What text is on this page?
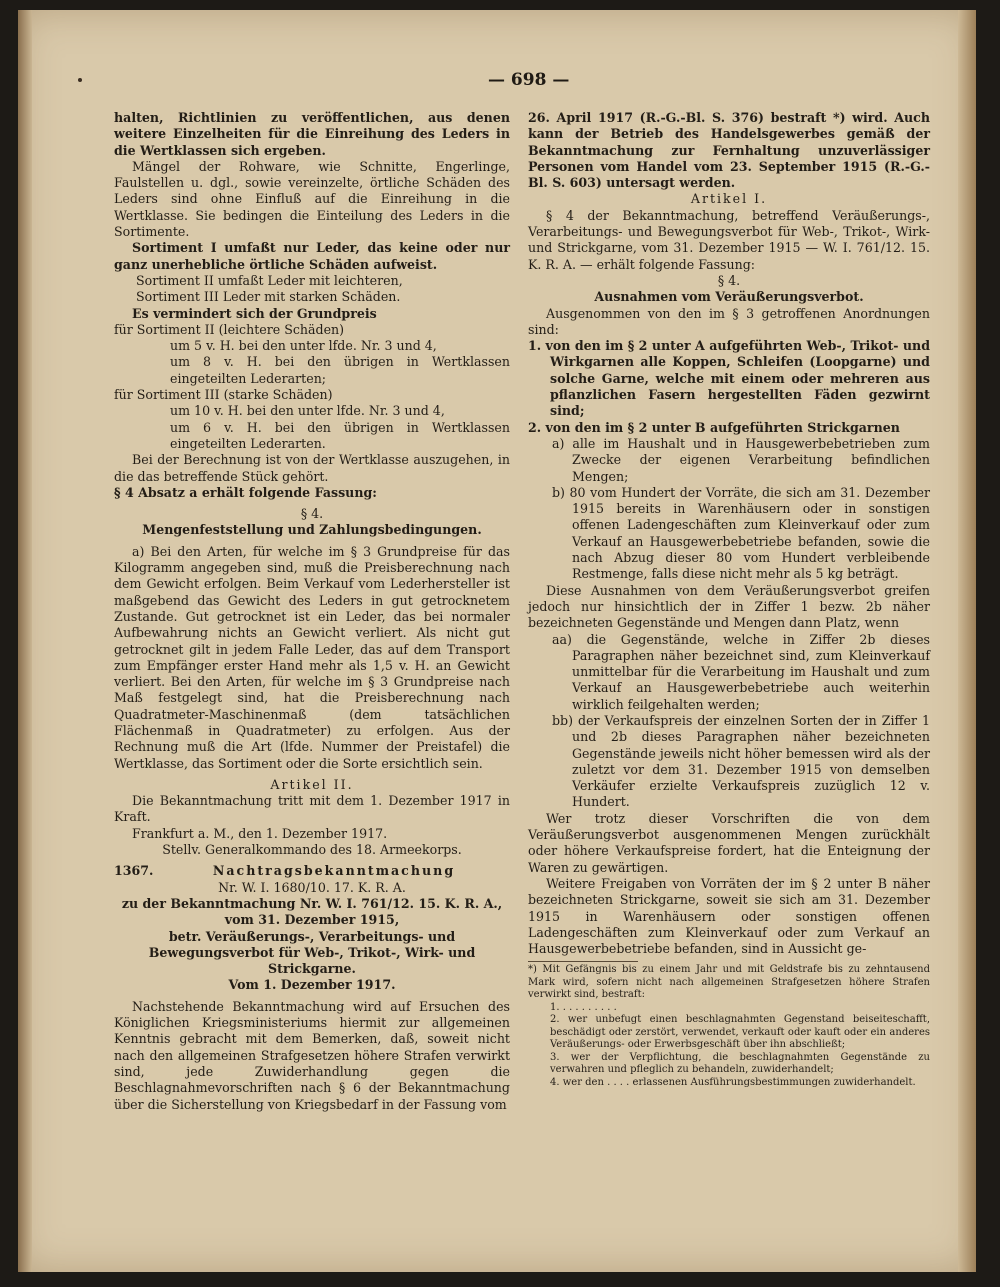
— 698 —

halten, Richtlinien zu veröffentlichen, aus denen weitere Einzelheiten für die Einreihung des Leders in die Wertklassen sich ergeben.

Mängel der Rohware, wie Schnitte, Engerlinge, Faulstellen u. dgl., sowie vereinzelte, örtliche Schäden des Leders sind ohne Einfluß auf die Einreihung in die Wertklasse. Sie bedingen die Einteilung des Leders in die Sortimente.

Sortiment I umfaßt nur Leder, das keine oder nur ganz unerhebliche örtliche Schäden aufweist.

Sortiment II umfaßt Leder mit leichteren,

Sortiment III Leder mit starken Schäden.

Es vermindert sich der Grundpreis

für Sortiment II (leichtere Schäden)

um 5 v. H. bei den unter lfde. Nr. 3 und 4,

um 8 v. H. bei den übrigen in Wertklassen eingeteilten Lederarten;

für Sortiment III (starke Schäden)

um 10 v. H. bei den unter lfde. Nr. 3 und 4,

um 6 v. H. bei den übrigen in Wertklassen eingeteilten Lederarten.

Bei der Berechnung ist von der Wertklasse auszugehen, in die das betreffende Stück gehört.

§ 4 Absatz a erhält folgende Fassung:

§ 4.

Mengenfeststellung und Zahlungsbedingungen.

a) Bei den Arten, für welche im § 3 Grundpreise für das Kilogramm angegeben sind, muß die Preisberechnung nach dem Gewicht erfolgen. Beim Verkauf vom Lederhersteller ist maßgebend das Gewicht des Leders in gut getrocknetem Zustande. Gut getrocknet ist ein Leder, das bei normaler Aufbewahrung nichts an Gewicht verliert. Als nicht gut getrocknet gilt in jedem Falle Leder, das auf dem Transport zum Empfänger erster Hand mehr als 1,5 v. H. an Gewicht verliert. Bei den Arten, für welche im § 3 Grundpreise nach Maß festgelegt sind, hat die Preisberechnung nach Quadratmeter-Maschinenmaß (dem tatsächlichen Flächenmaß in Quadratmeter) zu erfolgen. Aus der Rechnung muß die Art (lfde. Nummer der Preistafel) die Wertklasse, das Sortiment oder die Sorte ersichtlich sein.

Artikel II.

Die Bekanntmachung tritt mit dem 1. Dezember 1917 in Kraft.

Frankfurt a. M., den 1. Dezember 1917.

Stellv. Generalkommando des 18. Armeekorps.

1367.	Nachtragsbekanntmachung

Nr. W. I. 1680/10. 17. K. R. A.

zu der Bekanntmachung Nr. W. I. 761/12. 15. K. R. A., vom 31. Dezember 1915,

betr. Veräußerungs-, Verarbeitungs- und Bewegungsverbot für Web-, Trikot-, Wirk- und Strickgarne.

Vom 1. Dezember 1917.

Nachstehende Bekanntmachung wird auf Ersuchen des Königlichen Kriegsministeriums hiermit zur allgemeinen Kenntnis gebracht mit dem Bemerken, daß, soweit nicht nach den allgemeinen Strafgesetzen höhere Strafen verwirkt sind, jede Zuwiderhandlung gegen die Beschlagnahmevorschriften nach § 6 der Bekanntmachung über die Sicherstellung von Kriegsbedarf in der Fassung vom

26. April 1917 (R.-G.-Bl. S. 376) bestraft *) wird. Auch kann der Betrieb des Handelsgewerbes gemäß der Bekanntmachung zur Fernhaltung unzuverlässiger Personen vom Handel vom 23. September 1915 (R.-G.-Bl. S. 603) untersagt werden.

Artikel I.

§ 4 der Bekanntmachung, betreffend Veräußerungs-, Verarbeitungs- und Bewegungsverbot für Web-, Trikot-, Wirk- und Strickgarne, vom 31. Dezember 1915 — W. I. 761/12. 15. K. R. A. — erhält folgende Fassung:

§ 4.

Ausnahmen vom Veräußerungsverbot.

Ausgenommen von den im § 3 getroffenen Anordnungen sind:

1. von den im § 2 unter A aufgeführten Web-, Trikot- und Wirkgarnen alle Koppen, Schleifen (Loopgarne) und solche Garne, welche mit einem oder mehreren aus pflanzlichen Fasern hergestellten Fäden gezwirnt sind;

2. von den im § 2 unter B aufgeführten Strickgarnen

a) alle im Haushalt und in Hausgewerbebetrieben zum Zwecke der eigenen Verarbeitung befindlichen Mengen;

b) 80 vom Hundert der Vorräte, die sich am 31. Dezember 1915 bereits in Warenhäusern oder in sonstigen offenen Ladengeschäften zum Kleinverkauf oder zum Verkauf an Hausgewerbebetriebe befanden, sowie die nach Abzug dieser 80 vom Hundert verbleibende Restmenge, falls diese nicht mehr als 5 kg beträgt.

Diese Ausnahmen von dem Veräußerungsverbot greifen jedoch nur hinsichtlich der in Ziffer 1 bezw. 2b näher bezeichneten Gegenstände und Mengen dann Platz, wenn

aa) die Gegenstände, welche in Ziffer 2b dieses Paragraphen näher bezeichnet sind, zum Kleinverkauf unmittelbar für die Verarbeitung im Haushalt und zum Verkauf an Hausgewerbebetriebe auch weiterhin wirklich feilgehalten werden;

bb) der Verkaufspreis der einzelnen Sorten der in Ziffer 1 und 2b dieses Paragraphen näher bezeichneten Gegenstände jeweils nicht höher bemessen wird als der zuletzt vor dem 31. Dezember 1915 von demselben Verkäufer erzielte Verkaufspreis zuzüglich 12 v. Hundert.

Wer trotz dieser Vorschriften die von dem Veräußerungsverbot ausgenommenen Mengen zurückhält oder höhere Verkaufspreise fordert, hat die Enteignung der Waren zu gewärtigen.

Weitere Freigaben von Vorräten der im § 2 unter B näher bezeichneten Strickgarne, soweit sie sich am 31. Dezember 1915 in Warenhäusern oder sonstigen offenen Ladengeschäften zum Kleinverkauf oder zum Verkauf an Hausgewerbebetriebe befanden, sind in Aussicht ge-

*) Mit Gefängnis bis zu einem Jahr und mit Geldstrafe bis zu zehntausend Mark wird, sofern nicht nach allgemeinen Strafgesetzen höhere Strafen verwirkt sind, bestraft:

1. . . . . . . . . .

2. wer unbefugt einen beschlagnahmten Gegenstand beiseiteschafft, beschädigt oder zerstört, verwendet, verkauft oder kauft oder ein anderes Veräußerungs- oder Erwerbsgeschäft über ihn abschließt;

3. wer der Verpflichtung, die beschlagnahmten Gegenstände zu verwahren und pfleglich zu behandeln, zuwiderhandelt;

4. wer den . . . . erlassenen Ausführungsbestimmungen zuwiderhandelt.
